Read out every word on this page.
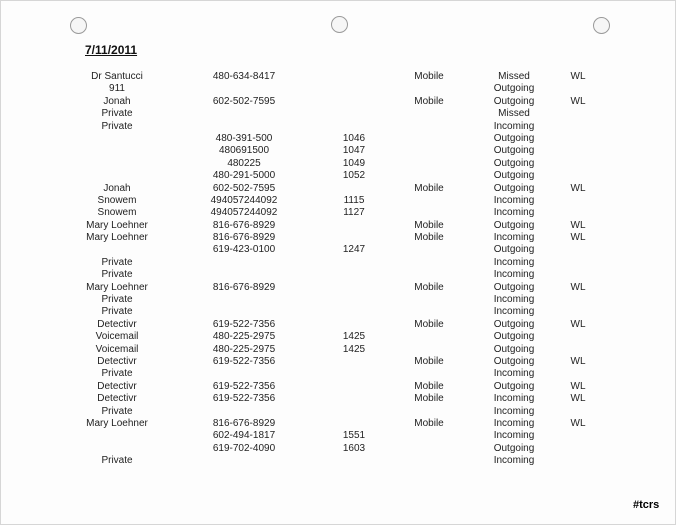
7/11/2011
Dr Santucci	480-634-8417	Mobile	Missed	WL
911	Outgoing
Jonah	602-502-7595	Mobile	Outgoing	WL
Private	Missed
Private	Incoming
480-391-500	1046	Outgoing
480691500	1047	Outgoing
480225	1049	Outgoing
480-291-5000	1052	Outgoing
Jonah	602-502-7595	Mobile	Outgoing	WL
Snowem	494057244092	1115	Incoming
Snowem	494057244092	1127	Incoming
Mary Loehner	816-676-8929	Mobile	Outgoing	WL
Mary Loehner	816-676-8929	Mobile	Incoming	WL
619-423-0100	1247	Outgoing
Private	Incoming
Private	Incoming
Mary Loehner	816-676-8929	Mobile	Outgoing	WL
Private	Incoming
Private	Incoming
Detectivr	619-522-7356	Mobile	Outgoing	WL
Voicemail	480-225-2975	1425	Outgoing
Voicemail	480-225-2975	1425	Outgoing
Detectivr	619-522-7356	Mobile	Outgoing	WL
Private	Incoming
Detectivr	619-522-7356	Mobile	Outgoing	WL
Detectivr	619-522-7356	Mobile	Incoming	WL
Private	Incoming
Mary Loehner	816-676-8929	Mobile	Incoming	WL
602-494-1817	1551	Incoming
619-702-4090	1603	Outgoing
Private	Incoming
#tcrs
